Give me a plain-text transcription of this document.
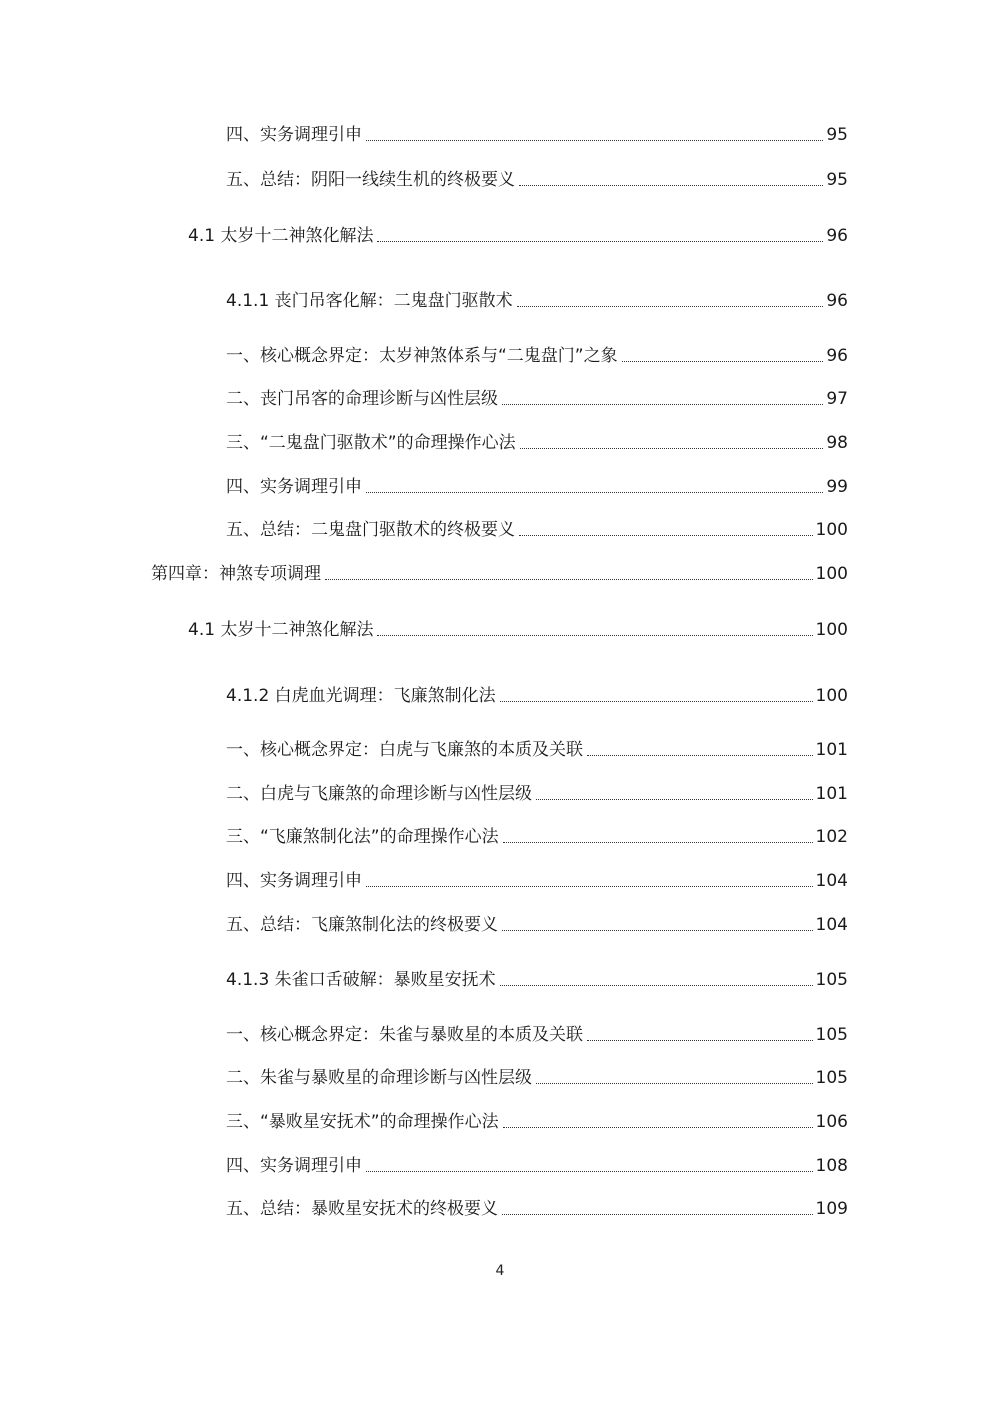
四、实务调理引申	95
五、总结：阴阳一线续生机的终极要义	95
4.1 太岁十二神煞化解法	96
4.1.1 丧门吊客化解：二鬼盘门驱散术	96
一、核心概念界定：太岁神煞体系与“二鬼盘门”之象	96
二、丧门吊客的命理诊断与凶性层级	97
三、“二鬼盘门驱散术”的命理操作心法	98
四、实务调理引申	99
五、总结：二鬼盘门驱散术的终极要义	100
第四章：神煞专项调理	100
4.1 太岁十二神煞化解法	100
4.1.2 白虎血光调理：飞廉煞制化法	100
一、核心概念界定：白虎与飞廉煞的本质及关联	101
二、白虎与飞廉煞的命理诊断与凶性层级	101
三、“飞廉煞制化法”的命理操作心法	102
四、实务调理引申	104
五、总结：飞廉煞制化法的终极要义	104
4.1.3 朱雀口舌破解：暴败星安抚术	105
一、核心概念界定：朱雀与暴败星的本质及关联	105
二、朱雀与暴败星的命理诊断与凶性层级	105
三、“暴败星安抚术”的命理操作心法	106
四、实务调理引申	108
五、总结：暴败星安抚术的终极要义	109
4
